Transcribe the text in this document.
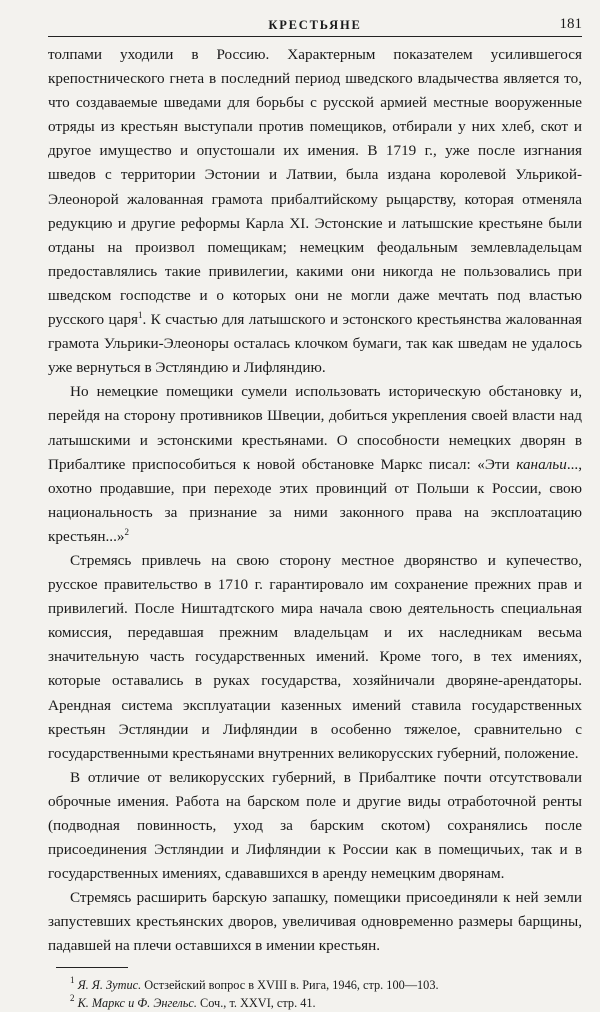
КРЕСТЬЯНЕ	181

толпами уходили в Россию. Характерным показателем усилившегося крепостнического гнета в последний период шведского владычества является то, что создаваемые шведами для борьбы с русской армией местные вооруженные отряды из крестьян выступали против помещиков, отбирали у них хлеб, скот и другое имущество и опустошали их имения. В 1719 г., уже после изгнания шведов с территории Эстонии и Латвии, была издана королевой Ульрикой-Элеонорой жалованная грамота прибалтийскому рыцарству, которая отменяла редукцию и другие реформы Карла XI. Эстонские и латышские крестьяне были отданы на произвол помещикам; немецким феодальным землевладельцам предоставлялись такие привилегии, какими они никогда не пользовались при шведском господстве и о которых они не могли даже мечтать под властью русского царя$^1$. К счастью для латышского и эстонского крестьянства жалованная грамота Ульрики-Элеоноры осталась клочком бумаги, так как шведам не удалось уже вернуться в Эстляндию и Лифляндию.

Но немецкие помещики сумели использовать историческую обстановку и, перейдя на сторону противников Швеции, добиться укрепления своей власти над латышскими и эстонскими крестьянами. О способности немецких дворян в Прибалтике приспособиться к новой обстановке Маркс писал: «Эти канальи..., охотно продавшие, при переходе этих провинций от Польши к России, свою национальность за признание за ними законного права на эксплоатацию крестьян...»$^2$

Стремясь привлечь на свою сторону местное дворянство и купечество, русское правительство в 1710 г. гарантировало им сохранение прежних прав и привилегий. После Ништадтского мира начала свою деятельность специальная комиссия, передавшая прежним владельцам и их наследникам весьма значительную часть государственных имений. Кроме того, в тех имениях, которые оставались в руках государства, хозяйничали дворяне-арендаторы. Арендная система эксплуатации казенных имений ставила государственных крестьян Эстляндии и Лифляндии в особенно тяжелое, сравнительно с государственными крестьянами внутренних великорусских губерний, положение.

В отличие от великорусских губерний, в Прибалтике почти отсутствовали оброчные имения. Работа на барском поле и другие виды отработочной ренты (подводная повинность, уход за барским скотом) сохранялись после присоединения Эстляндии и Лифляндии к России как в помещичьих, так и в государственных имениях, сдававшихся в аренду немецким дворянам.

Стремясь расширить барскую запашку, помещики присоединяли к ней земли запустевших крестьянских дворов, увеличивая одновременно размеры барщины, падавшей на плечи оставшихся в имении крестьян.

$^1$ Я. Я. Зутис. Остзейский вопрос в XVIII в. Рига, 1946, стр. 100—103.
$^2$ К. Маркс и Ф. Энгельс. Соч., т. XXVI, стр. 41.
